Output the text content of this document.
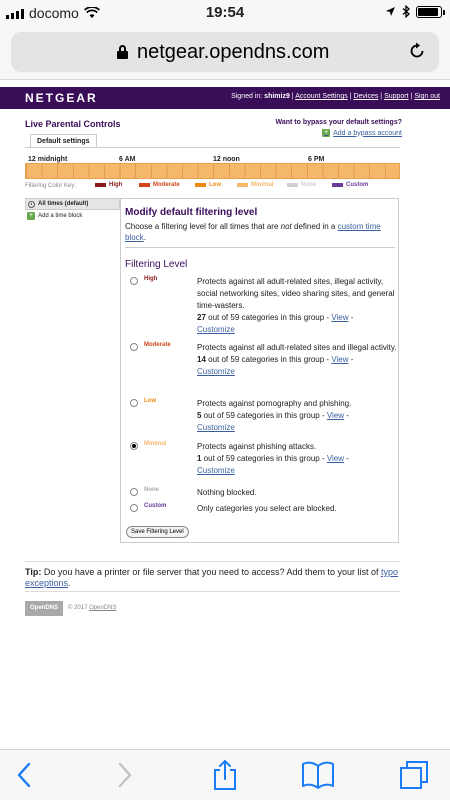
docomo	19:54
netgear.opendns.com
NETGEAR	Signed in: shimiz9 | Account Settings | Devices | Support | Sign out
Live Parental Controls	Want to bypass your default settings?
+ Add a bypass account
Default settings
12 midnight	6 AM	12 noon	6 PM
Filtering Color Key:	High	Moderate	Low	Minimal	None	Custom
All times (default)
+ Add a time block	Modify default filtering level
Choose a filtering level for all times that are not defined in a custom time block.
Filtering Level
High	Protects against all adult-related sites, illegal activity, social networking sites, video sharing sites, and general time-wasters.
27 out of 59 categories in this group - View -
Customize
Moderate	Protects against all adult-related sites and illegal activity.
14 out of 59 categories in this group - View -
Customize
Low	Protects against pornography and phishing.
5 out of 59 categories in this group - View -
Customize
Minimal	Protects against phishing attacks.
1 out of 59 categories in this group - View -
Customize
None	Nothing blocked.
Custom	Only categories you select are blocked.
Save Filtering Level
Tip: Do you have a printer or file server that you need to access? Add them to your list of typo exceptions.
OpenDNS	© 2017 OpenDNS
